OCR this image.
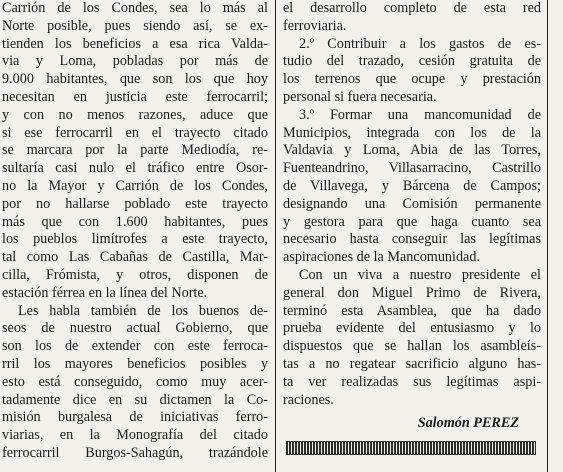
Carrión de los Condes, sea lo más al
Norte posible, pues siendo así, se ex-
tienden los beneficios a esa rica Valda-
via y Loma, pobladas por más de
9.000 habitantes, que son los que hoy
necesitan en justicia este ferrocarril;
y con no menos razones, aduce que
si ese ferrocarril en el trayecto citado
se marcara por la parte Mediodía, re-
sultaría casi nulo el tráfico entre Osor-
no la Mayor y Carrión de los Condes,
por no hallarse poblado este trayecto
más que con 1.600 habitantes, pues
los pueblos limítrofes a este trayecto,
tal como Las Cabañas de Castilla, Mar-
cilla, Frómista, y otros, disponen de
estación férrea en la línea del Norte.
Les habla también de los buenos de-
seos de nuestro actual Gobierno, que
son los de extender con este ferroca-
rril los mayores beneficios posibles y
esto está conseguido, como muy acer-
tadamente dice en su dictamen la Co-
misión burgalesa de iniciativas ferro-
viarias, en la Monografía del citado
ferrocarril Burgos-Sahagún, trazándole
el desarrollo completo de esta red
ferroviaria.
2.º Contribuir a los gastos de es-
tudio del trazado, cesión gratuita de
los terrenos que ocupe y prestación
personal si fuera necesaria.
3.º Formar una mancomunidad de
Municipios, integrada con los de la
Valdavia y Loma, Abia de las Torres,
Fuenteandrino, Villasarracino, Castrillo
de Villavega, y Bárcena de Campos;
designando una Comisión permanente
y gestora para que haga cuanto sea
necesario hasta conseguir las legítimas
aspiraciones de la Mancomunidad.
Con un viva a nuestro presidente el
general don Miguel Primo de Rivera,
terminó esta Asamblea, que ha dado
prueba evidente del entusiasmo y lo
dispuestos que se hallan los asambleís-
tas a no regatear sacrificio alguno has-
ta ver realizadas sus legítimas aspi-
raciones.
Salomón PEREZ
